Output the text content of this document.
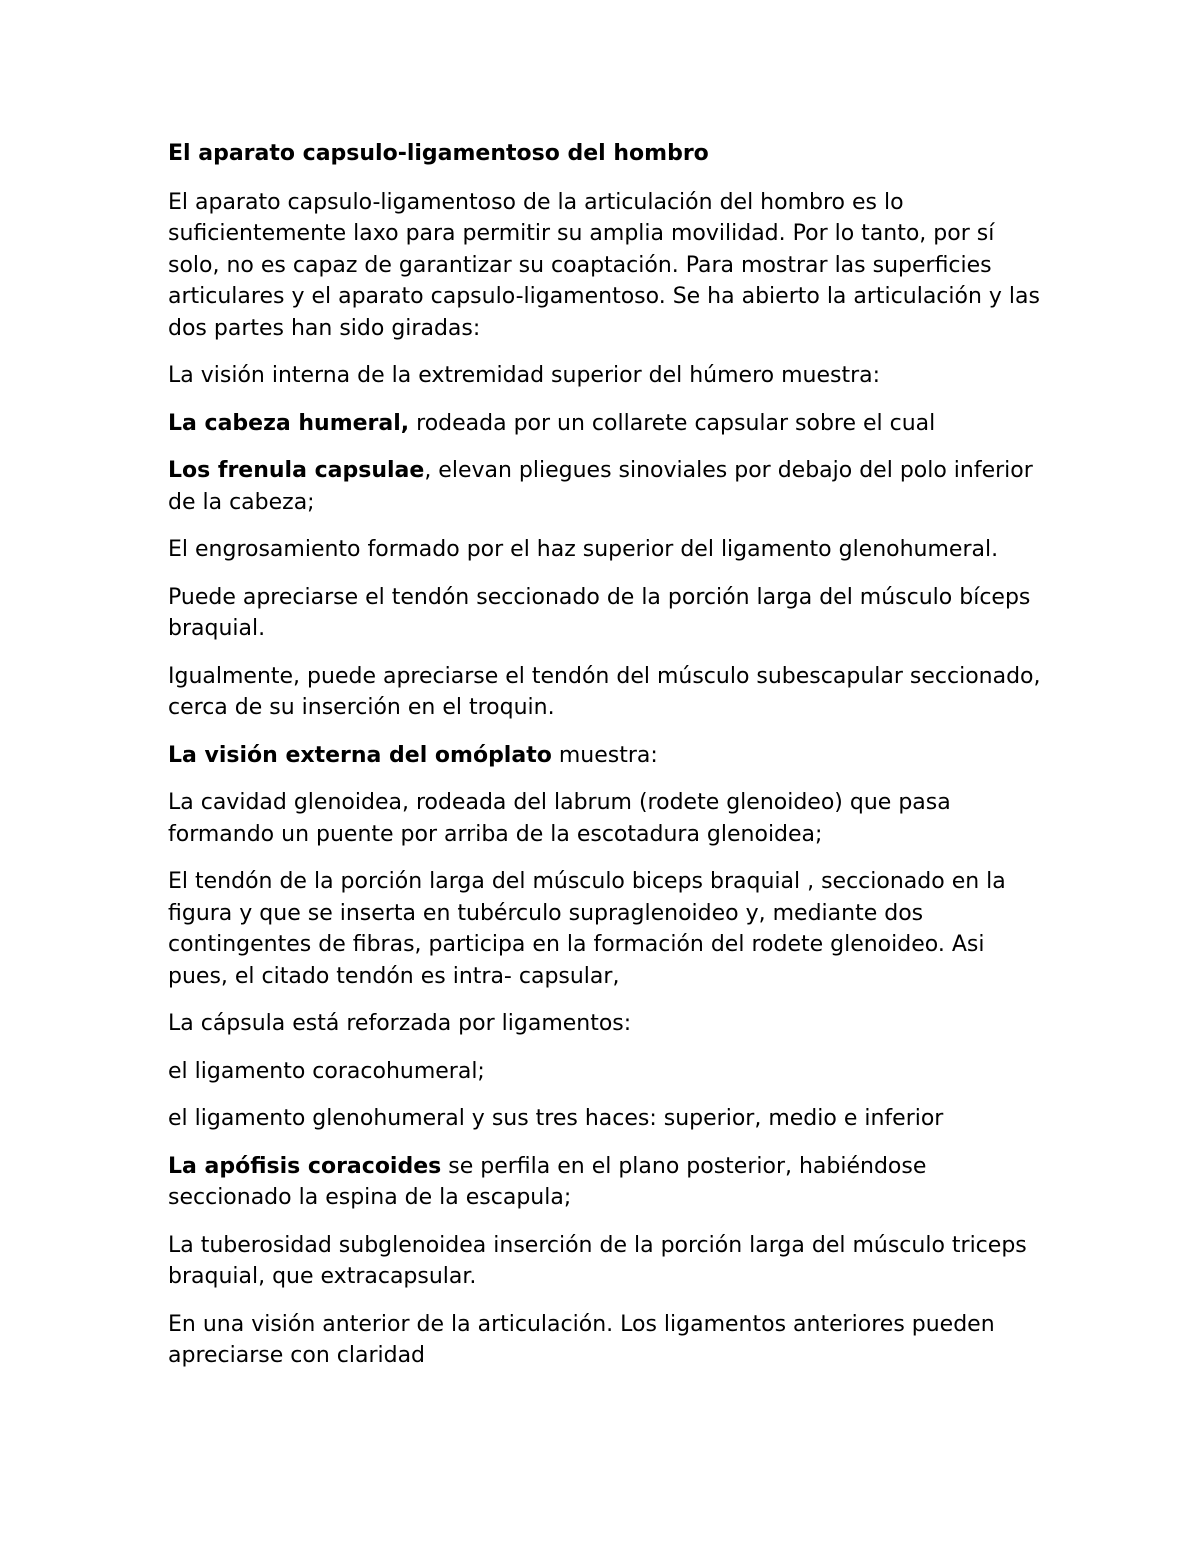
El aparato capsulo-ligamentoso del hombro

El aparato capsulo-ligamentoso de la articulación del hombro es lo suficientemente laxo para permitir su amplia movilidad. Por lo tanto, por sí solo, no es capaz de garantizar su coaptación. Para mostrar las superficies articulares y el aparato capsulo-ligamentoso. Se ha abierto la articulación y las dos partes han sido giradas:

La visión interna de la extremidad superior del húmero muestra:

La cabeza humeral, rodeada por un collarete capsular sobre el cual

Los frenula capsulae, elevan pliegues sinoviales por debajo del polo inferior de la cabeza;

El engrosamiento formado por el haz superior del ligamento glenohumeral.

Puede apreciarse el tendón seccionado de la porción larga del músculo bíceps braquial.

Igualmente, puede apreciarse el tendón del músculo subescapular seccionado, cerca de su inserción en el troquin.

La visión externa del omóplato muestra:

La cavidad glenoidea, rodeada del labrum (rodete glenoideo) que pasa formando un puente por arriba de la escotadura glenoidea;

El tendón de la porción larga del músculo biceps braquial , seccionado en la figura y que se inserta en tubérculo supraglenoideo y, mediante dos contingentes de fibras, participa en la formación del rodete glenoideo. Asi pues, el citado tendón es intra- capsular,

La cápsula está reforzada por ligamentos:

el ligamento coracohumeral;

el ligamento glenohumeral y sus tres haces: superior, medio e inferior

La apófisis coracoides se perfila en el plano posterior, habiéndose seccionado la espina de la escapula;

La tuberosidad subglenoidea inserción de la porción larga del músculo triceps braquial, que extracapsular.

En una visión anterior de la articulación. Los ligamentos anteriores pueden apreciarse con claridad
